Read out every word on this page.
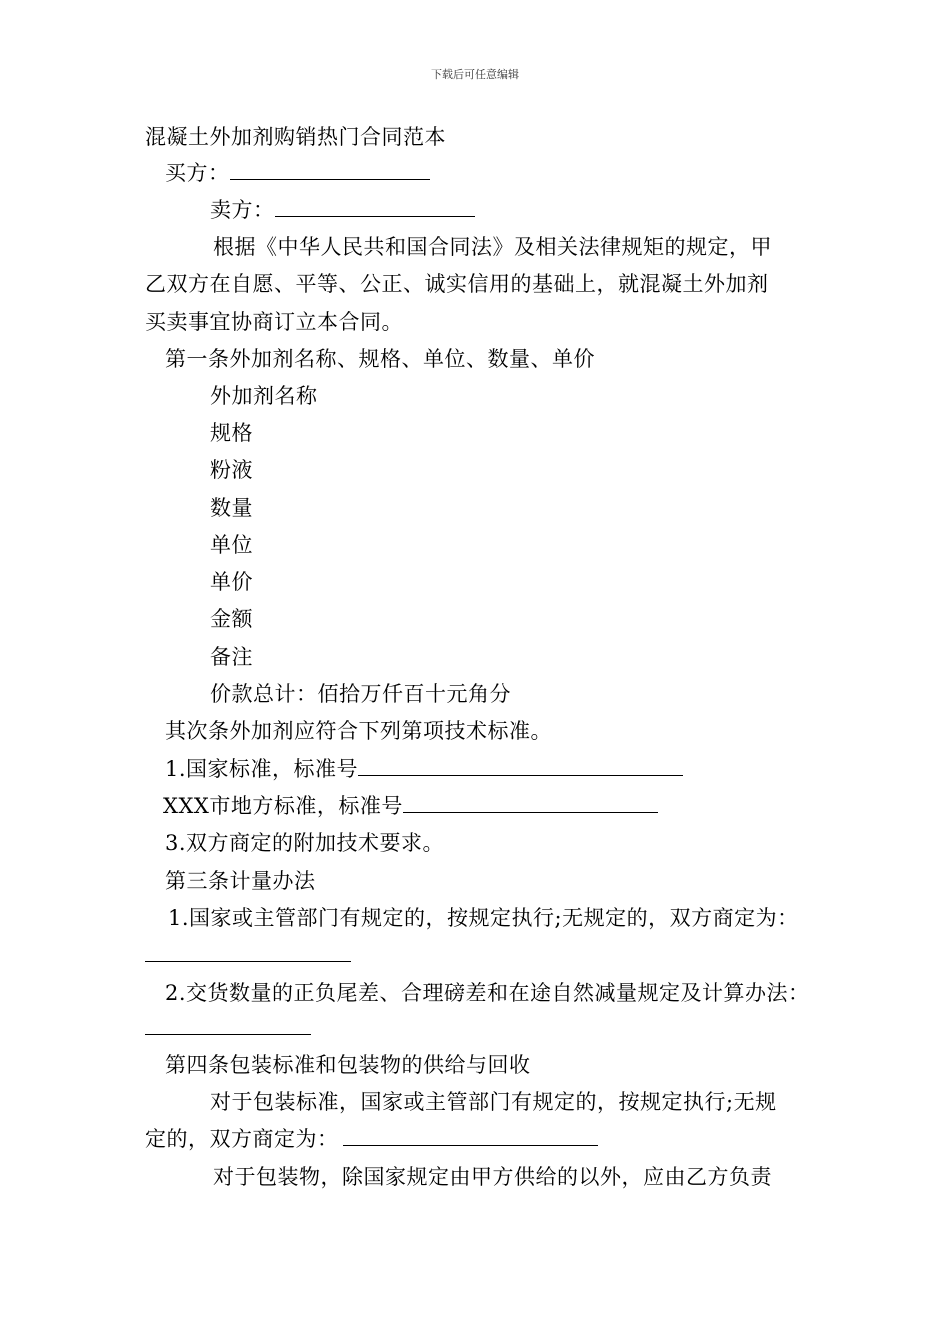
下载后可任意编辑
混凝土外加剂购销热门合同范本
买方：
卖方：
根据《中华人民共和国合同法》及相关法律规矩的规定，甲
乙双方在自愿、平等、公正、诚实信用的基础上，就混凝土外加剂
买卖事宜协商订立本合同。
第一条外加剂名称、规格、单位、数量、单价
外加剂名称
规格
粉液
数量
单位
单价
金额
备注
价款总计：佰拾万仟百十元角分
其次条外加剂应符合下列第项技术标准。
1.国家标准，标准号
XXX市地方标准，标准号
3.双方商定的附加技术要求。
第三条计量办法
1.国家或主管部门有规定的，按规定执行;无规定的，双方商定为：
2.交货数量的正负尾差、合理磅差和在途自然减量规定及计算办法：
第四条包装标准和包装物的供给与回收
对于包装标准，国家或主管部门有规定的，按规定执行;无规
定的，双方商定为：
对于包装物，除国家规定由甲方供给的以外，应由乙方负责
